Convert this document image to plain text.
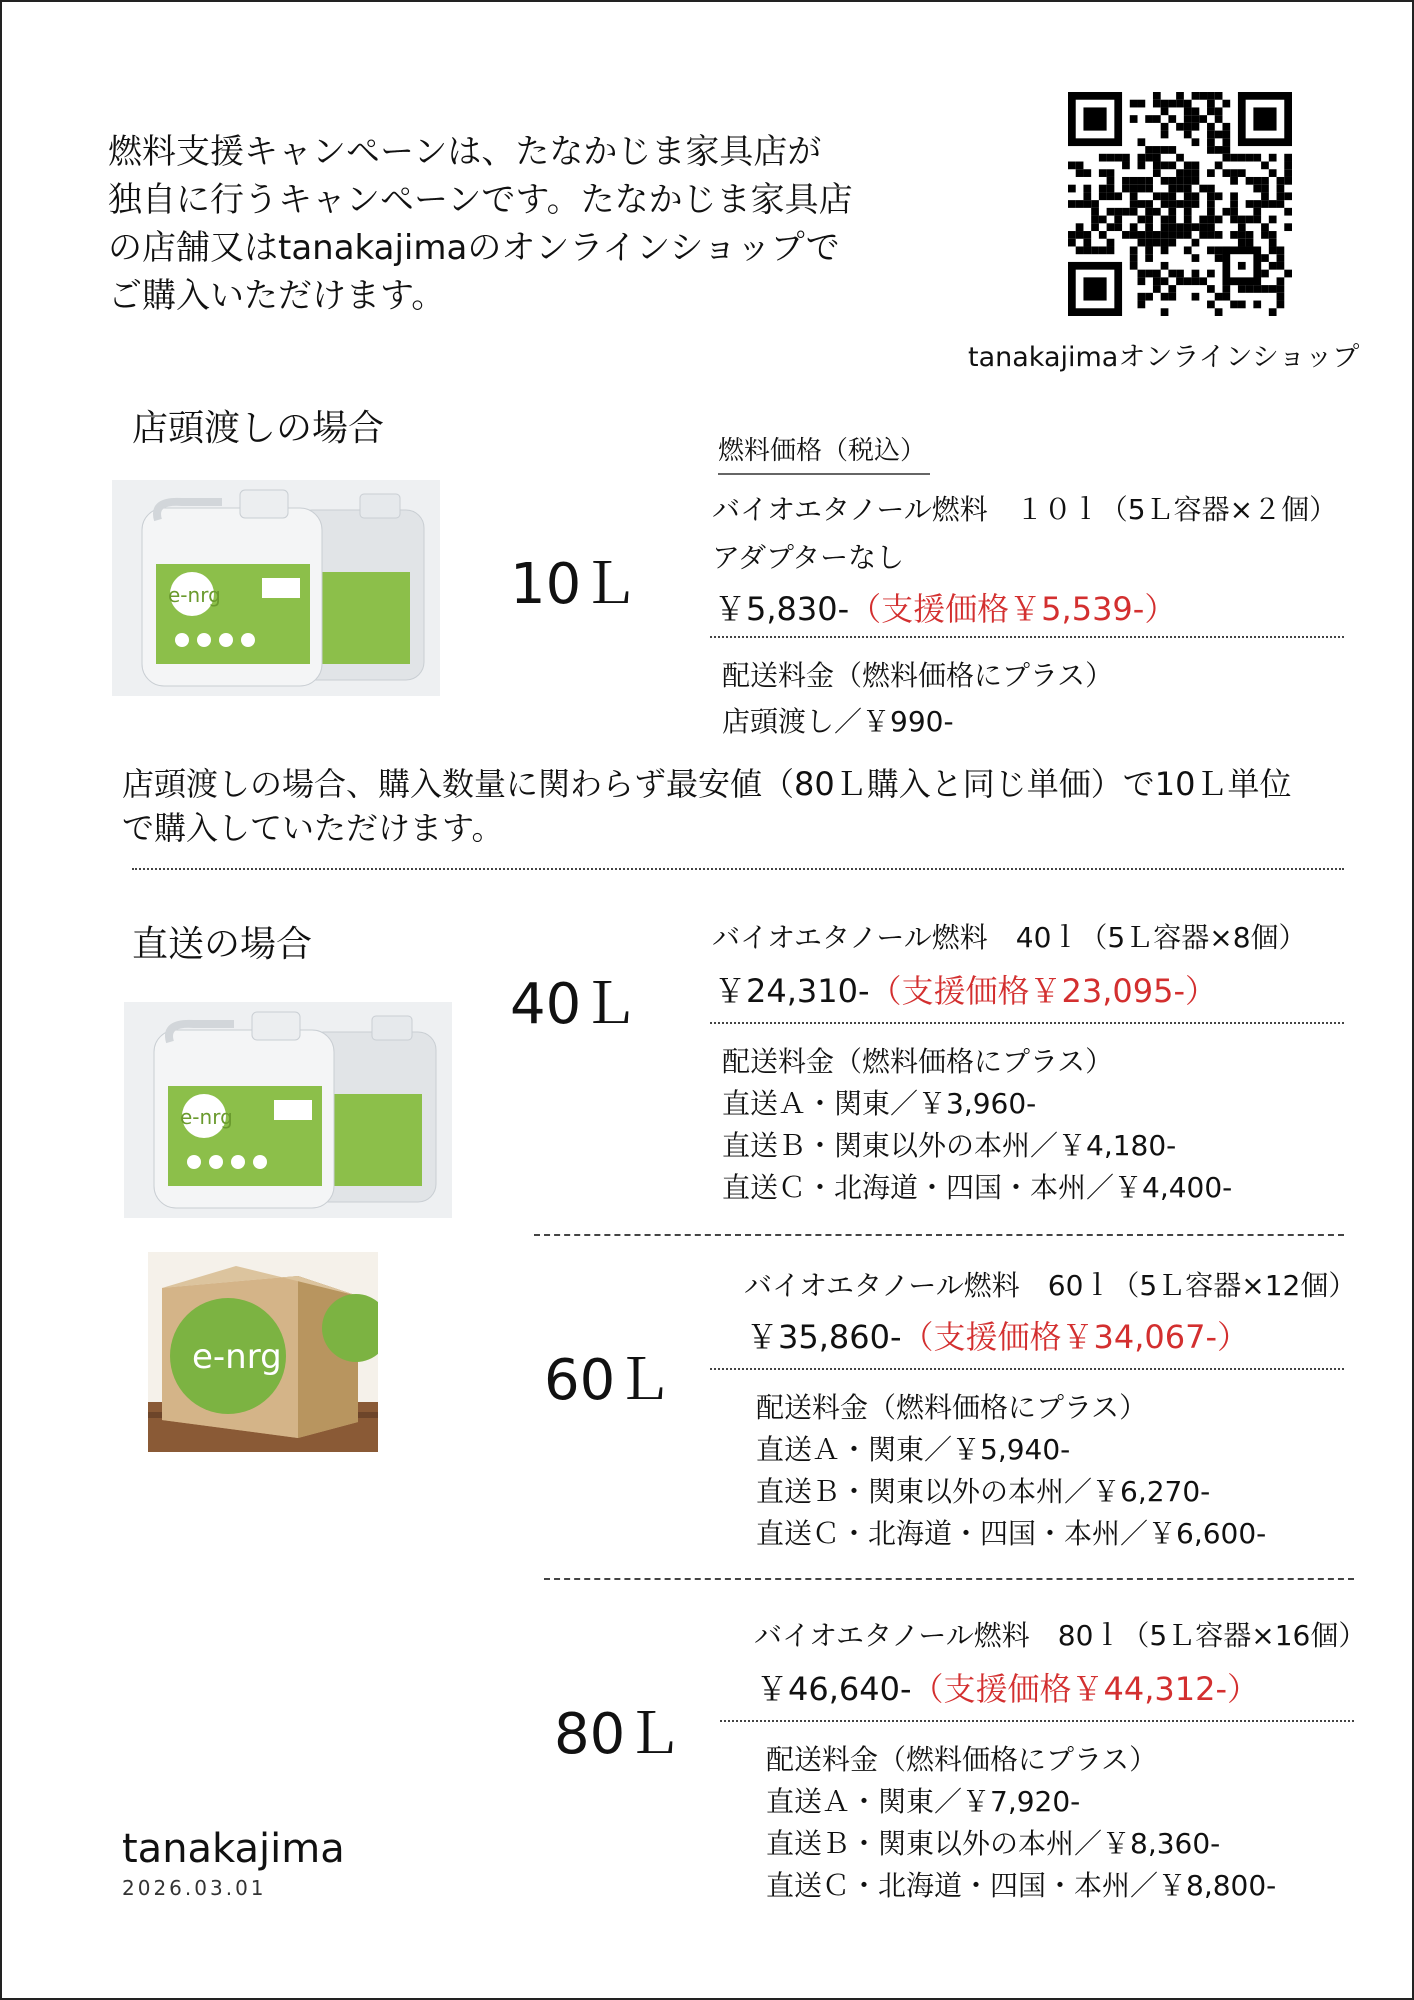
燃料支援キャンペーンは、たなかじま家具店が
独自に行うキャンペーンです。たなかじま家具店
の店舗又はtanakajimaのオンラインショップで
ご購入いただけます。
tanakajimaオンラインショップ
店頭渡しの場合
e-nrg	10Ｌ
燃料価格（税込）
バイオエタノール燃料　１０ｌ（5Ｌ容器×２個）
アダプターなし
￥5,830-（支援価格￥5,539-）
配送料金（燃料価格にプラス）
店頭渡し／￥990-
店頭渡しの場合、購入数量に関わらず最安値（80Ｌ購入と同じ単価）で10Ｌ単位
で購入していただけます。
直送の場合
e-nrg
e-nrg
40Ｌ
バイオエタノール燃料　40ｌ（5Ｌ容器×8個）
￥24,310-（支援価格￥23,095-）
配送料金（燃料価格にプラス）
直送Ａ・関東／￥3,960-
直送Ｂ・関東以外の本州／￥4,180-
直送Ｃ・北海道・四国・本州／￥4,400-
60Ｌ
バイオエタノール燃料　60ｌ（5Ｌ容器×12個）
￥35,860-（支援価格￥34,067-）
配送料金（燃料価格にプラス）
直送Ａ・関東／￥5,940-
直送Ｂ・関東以外の本州／￥6,270-
直送Ｃ・北海道・四国・本州／￥6,600-
80Ｌ
バイオエタノール燃料　80ｌ（5Ｌ容器×16個）
￥46,640-（支援価格￥44,312-）
配送料金（燃料価格にプラス）
直送Ａ・関東／￥7,920-
直送Ｂ・関東以外の本州／￥8,360-
直送Ｃ・北海道・四国・本州／￥8,800-
tanakajima
2026.03.01
